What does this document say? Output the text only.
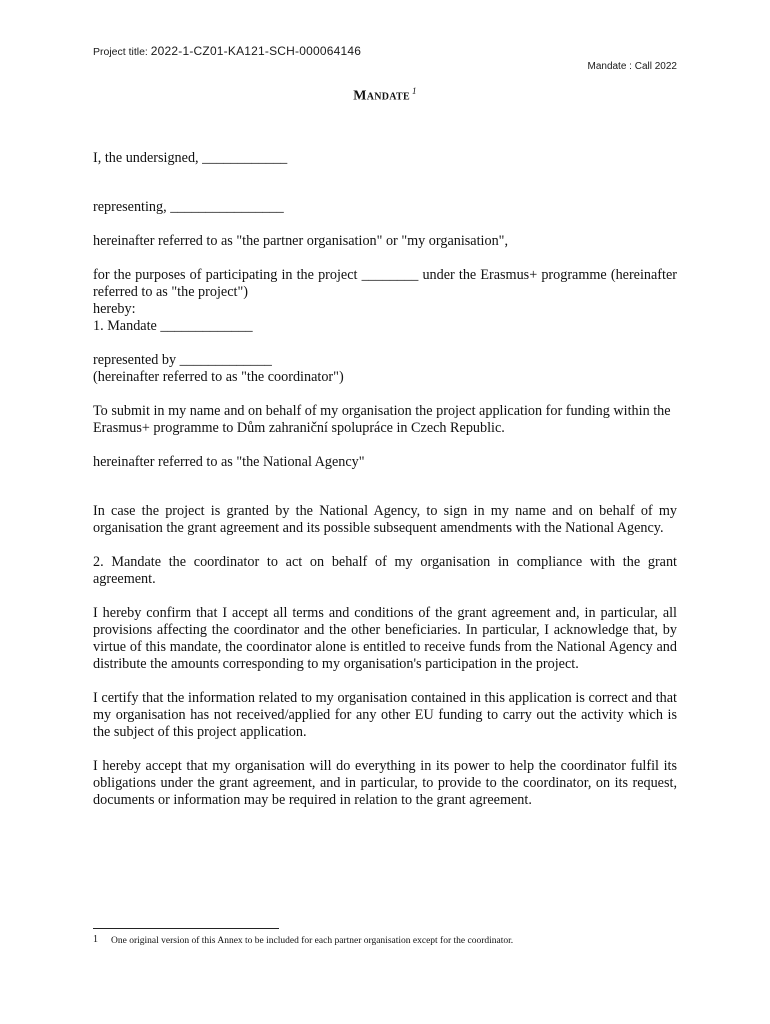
Project title: 2022-1-CZ01-KA121-SCH-000064146
Mandate : Call 2022
Mandate $^1$

I, the undersigned, ____________

representing, ________________

hereinafter referred to as "the partner organisation" or "my organisation",

for the purposes of participating in the project ________ under the Erasmus+ programme (hereinafter referred to as "the project")

hereby:

1. Mandate _____________

represented by _____________

(hereinafter referred to as "the coordinator")

To submit in my name and on behalf of my organisation the project application for funding within the Erasmus+ programme to Dům zahraniční spolupráce in Czech Republic.

hereinafter referred to as "the National Agency"

In case the project is granted by the National Agency, to sign in my name and on behalf of my organisation the grant agreement and its possible subsequent amendments with the National Agency.

2. Mandate the coordinator to act on behalf of my organisation in compliance with the grant agreement.

I hereby confirm that I accept all terms and conditions of the grant agreement and, in particular, all provisions affecting the coordinator and the other beneficiaries. In particular, I acknowledge that, by virtue of this mandate, the coordinator alone is entitled to receive funds from the National Agency and distribute the amounts corresponding to my organisation's participation in the project.

I certify that the information related to my organisation contained in this application is correct and that my organisation has not received/applied for any other EU funding to carry out the activity which is the subject of this project application.

I hereby accept that my organisation will do everything in its power to help the coordinator fulfil its obligations under the grant agreement, and in particular, to provide to the coordinator, on its request, documents or information may be required in relation to the grant agreement.

1 One original version of this Annex to be included for each partner organisation except for the coordinator.
